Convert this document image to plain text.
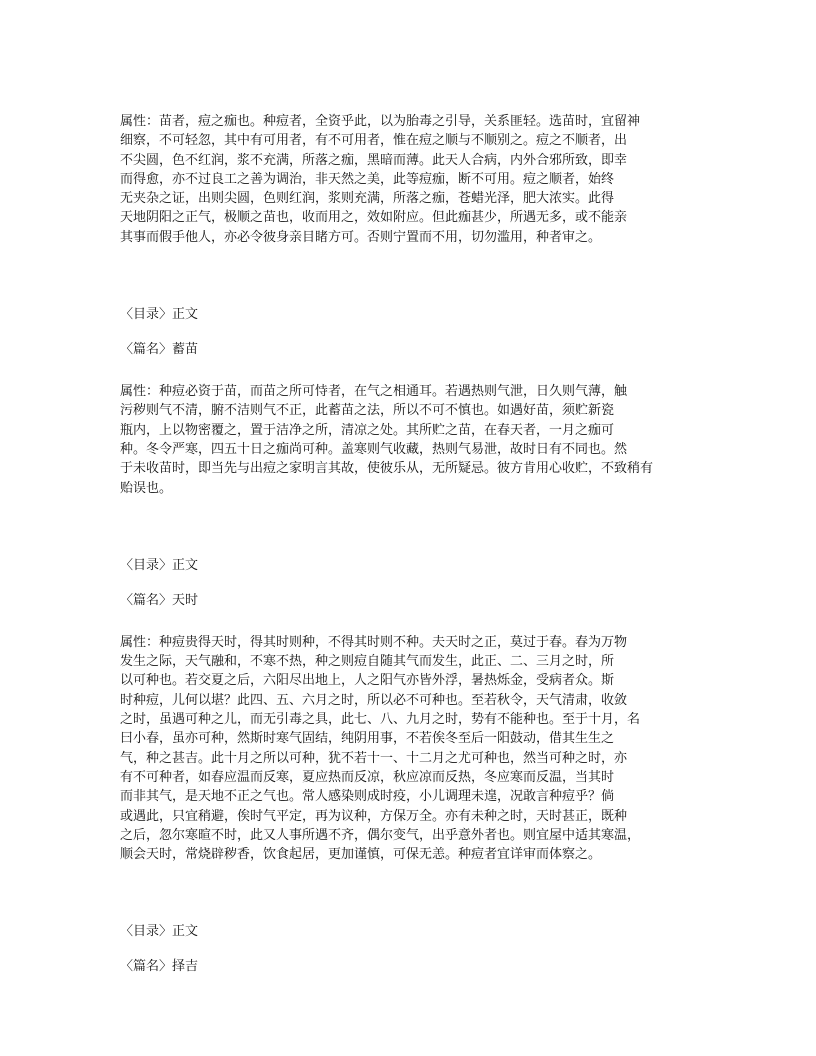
属性：苗者，痘之痂也。种痘者，全资乎此，以为胎毒之引导，关系匪轻。选苗时，宜留神
细察，不可轻忽，其中有可用者，有不可用者，惟在痘之顺与不顺别之。痘之不顺者，出
不尖圆，色不红润，浆不充满，所落之痂，黑暗而薄。此天人合病，内外合邪所致，即幸
而得愈，亦不过良工之善为调治，非天然之美，此等痘痂，断不可用。痘之顺者，始终
无夹杂之证，出则尖圆，色则红润，浆则充满，所落之痂，苍蜡光泽，肥大浓实。此得
天地阴阳之正气，极顺之苗也，收而用之，效如附应。但此痂甚少，所遇无多，或不能亲
其事而假手他人，亦必令彼身亲目睹方可。否则宁置而不用，切勿滥用，种者审之。

〈目录〉正文

〈篇名〉蓄苗

属性：种痘必资于苗，而苗之所可恃者，在气之相通耳。若遇热则气泄，日久则气薄，触
污秽则气不清，腑不洁则气不正，此蓄苗之法，所以不可不慎也。如遇好苗，须贮新瓷
瓶内，上以物密覆之，置于洁净之所，清凉之处。其所贮之苗，在春天者，一月之痂可
种。冬令严寒，四五十日之痂尚可种。盖寒则气收藏，热则气易泄，故时日有不同也。然
于未收苗时，即当先与出痘之家明言其故，使彼乐从，无所疑忌。彼方肯用心收贮，不致稍有
贻误也。

〈目录〉正文

〈篇名〉天时

属性：种痘贵得天时，得其时则种，不得其时则不种。夫天时之正，莫过于春。春为万物
发生之际，天气融和，不寒不热，种之则痘自随其气而发生，此正、二、三月之时，所
以可种也。若交夏之后，六阳尽出地上，人之阳气亦皆外浮，暑热烁金，受病者众。斯
时种痘，儿何以堪？此四、五、六月之时，所以必不可种也。至若秋令，天气清肃，收敛
之时，虽遇可种之儿，而无引毒之具，此七、八、九月之时，势有不能种也。至于十月，名
曰小春，虽亦可种，然斯时寒气固结，纯阴用事，不若俟冬至后一阳鼓动，借其生生之
气，种之甚吉。此十月之所以可种，犹不若十一、十二月之尤可种也，然当可种之时，亦
有不可种者，如春应温而反寒，夏应热而反凉，秋应凉而反热，冬应寒而反温，当其时
而非其气，是天地不正之气也。常人感染则成时疫，小儿调理未遑，况敢言种痘乎？倘
或遇此，只宜稍避，俟时气平定，再为议种，方保万全。亦有未种之时，天时甚正，既种
之后，忽尔寒暄不时，此又人事所遇不齐，偶尔变气，出乎意外者也。则宜屋中适其寒温，
顺会天时，常烧辟秽香，饮食起居，更加谨慎，可保无恙。种痘者宜详审而体察之。

〈目录〉正文

〈篇名〉择吉
